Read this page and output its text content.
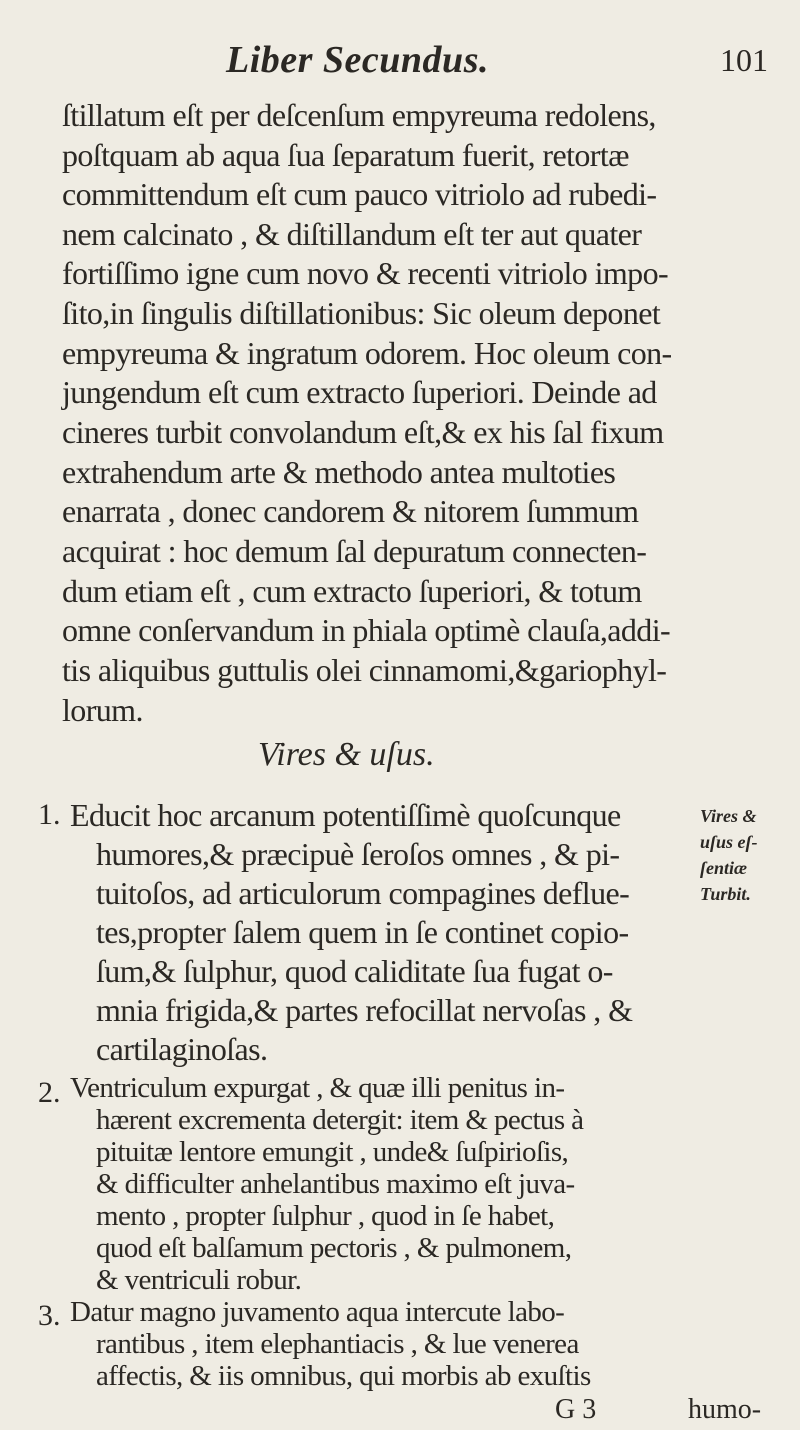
Liber Secundus.	101
ſtillatum eſt per deſcenſum empyreuma redolens,
poſtquam ab aqua ſua ſeparatum fuerit, retortæ
committendum eſt cum pauco vitriolo ad rubedi-
nem calcinato , & diſtillandum eſt ter aut quater
fortiſſimo igne cum novo & recenti vitriolo impo-
ſito,in ſingulis diſtillationibus: Sic oleum deponet
empyreuma & ingratum odorem. Hoc oleum con-
jungendum eſt cum extracto ſuperiori. Deinde ad
cineres turbit convolandum eſt,& ex his ſal fixum
extrahendum arte & methodo antea multoties
enarrata , donec candorem & nitorem ſummum
acquirat : hoc demum ſal depuratum connecten-
dum etiam eſt , cum extracto ſuperiori, & totum
omne conſervandum in phiala optimè clauſa,addi-
tis aliquibus guttulis olei cinnamomi,&gariophyl-
lorum.
Vires & uſus.
1. Educit hoc arcanum potentiſſimè quoſcunque
humores,& præcipuè ſeroſos omnes , & pi-
tuitoſos, ad articulorum compagines deflue-
tes,propter ſalem quem in ſe continet copio-
ſum,& ſulphur, quod caliditate ſua fugat o-
mnia frigida,& partes refocillat nervoſas , &
cartilaginoſas.
2. Ventriculum expurgat , & quæ illi penitus in-
hærent excrementa detergit: item & pectus à
pituitæ lentore emungit , unde& ſuſpirioſis,
& difficulter anhelantibus maximo eſt juva-
mento , propter ſulphur , quod in ſe habet,
quod eſt balſamum pectoris , & pulmonem,
& ventriculi robur.
Vires &
uſus eſ-
ſentiæ
Turbit.
3. Datur magno juvamento aqua intercute labo-
rantibus , item elephantiacis , & lue venerea
affectis, & iis omnibus, qui morbis ab exuſtis
G 3	humo-
